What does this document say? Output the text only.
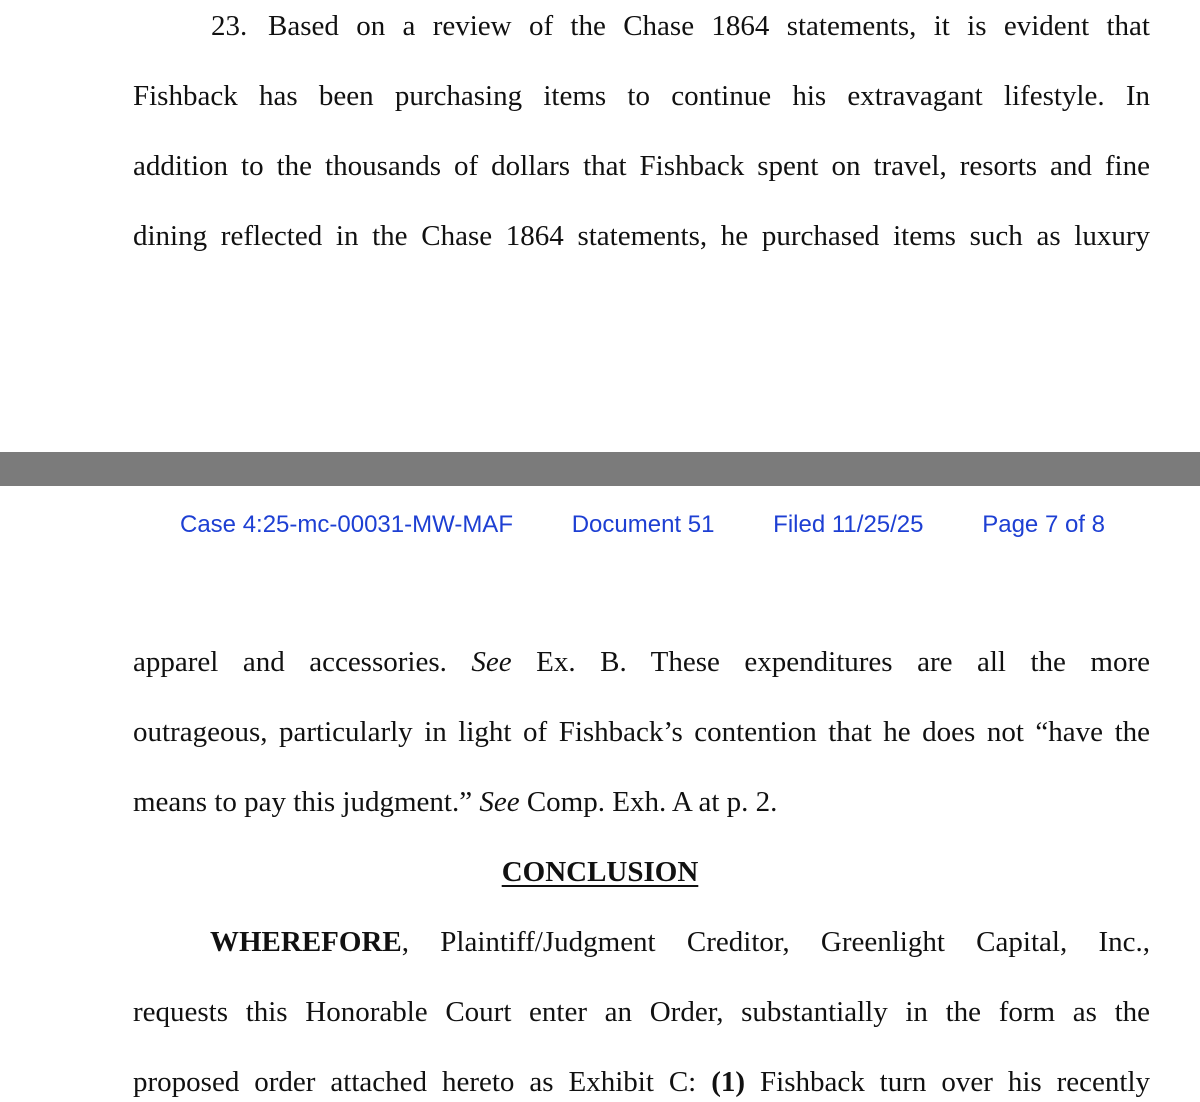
23. Based on a review of the Chase 1864 statements, it is evident that
Fishback has been purchasing items to continue his extravagant lifestyle. In
addition to the thousands of dollars that Fishback spent on travel, resorts and fine
dining reflected in the Chase 1864 statements, he purchased items such as luxury
Case 4:25-mc-00031-MW-MAF Document 51 Filed 11/25/25 Page 7 of 8
apparel and accessories. See Ex. B. These expenditures are all the more
outrageous, particularly in light of Fishback’s contention that he does not “have the
means to pay this judgment.” See Comp. Exh. A at p. 2.
CONCLUSION
WHEREFORE, Plaintiff/Judgment Creditor, Greenlight Capital, Inc.,
requests this Honorable Court enter an Order, substantially in the form as the
proposed order attached hereto as Exhibit C: (1) Fishback turn over his recently
